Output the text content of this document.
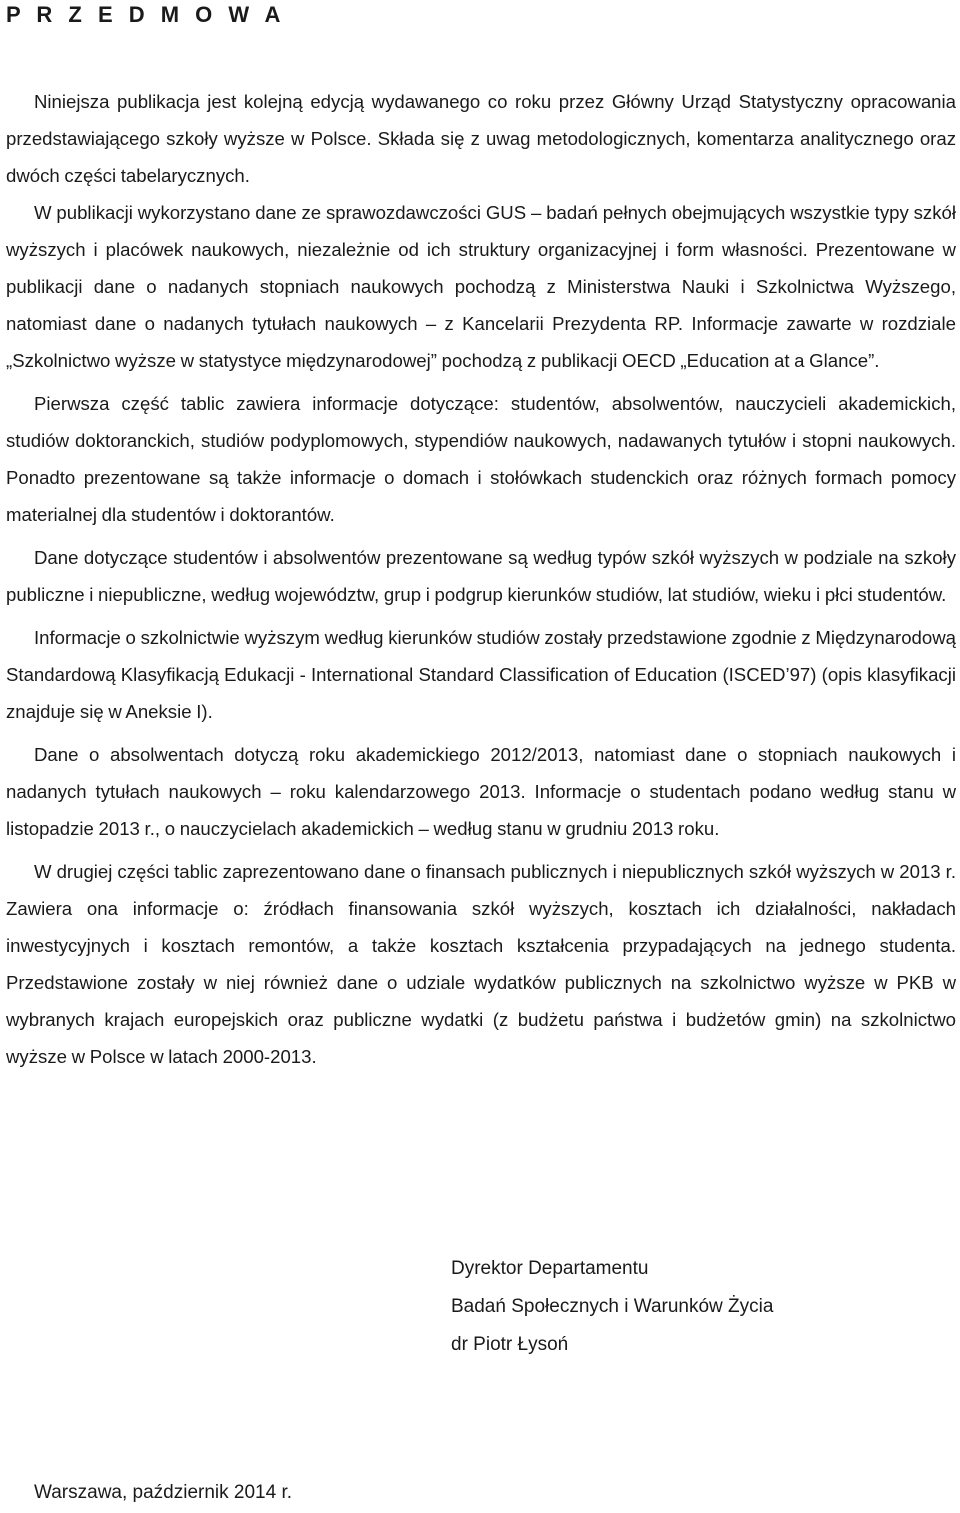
P R Z E D M O W A

Niniejsza publikacja jest kolejną edycją wydawanego co roku przez Główny Urząd Statystyczny opracowania przedstawiającego szkoły wyższe w Polsce. Składa się z uwag metodologicznych, komentarza analitycznego oraz dwóch części tabelarycznych.

W publikacji wykorzystano dane ze sprawozdawczości GUS – badań pełnych obejmujących wszystkie typy szkół wyższych i placówek naukowych, niezależnie od ich struktury organizacyjnej i form własności. Prezentowane w publikacji dane o nadanych stopniach naukowych pochodzą z Ministerstwa Nauki i Szkolnictwa Wyższego, natomiast dane o nadanych tytułach naukowych – z Kancelarii Prezydenta RP. Informacje zawarte w rozdziale „Szkolnictwo wyższe w statystyce międzynarodowej” pochodzą z publikacji OECD „Education at a Glance”.

Pierwsza część tablic zawiera informacje dotyczące: studentów, absolwentów, nauczycieli akademickich, studiów doktoranckich, studiów podyplomowych, stypendiów naukowych, nadawanych tytułów i stopni naukowych. Ponadto prezentowane są także informacje o domach i stołówkach studenckich oraz różnych formach pomocy materialnej dla studentów i doktorantów.

Dane dotyczące studentów i absolwentów prezentowane są według typów szkół wyższych w podziale na szkoły publiczne i niepubliczne, według województw, grup i podgrup kierunków studiów, lat studiów, wieku i płci studentów.

Informacje o szkolnictwie wyższym według kierunków studiów zostały przedstawione zgodnie z Międzynarodową Standardową Klasyfikacją Edukacji - International Standard Classification of Education (ISCED’97) (opis klasyfikacji znajduje się w Aneksie I).

Dane o absolwentach dotyczą roku akademickiego 2012/2013, natomiast dane o stopniach naukowych i nadanych tytułach naukowych – roku kalendarzowego 2013. Informacje o studentach podano według stanu w listopadzie 2013 r., o nauczycielach akademickich – według stanu w grudniu 2013 roku.

W drugiej części tablic zaprezentowano dane o finansach publicznych i niepublicznych szkół wyższych w 2013 r. Zawiera ona informacje o: źródłach finansowania szkół wyższych, kosztach ich działalności, nakładach inwestycyjnych i kosztach remontów, a także kosztach kształcenia przypadających na jednego studenta. Przedstawione zostały w niej również dane o udziale wydatków publicznych na szkolnictwo wyższe w PKB w wybranych krajach europejskich oraz publiczne wydatki (z budżetu państwa i budżetów gmin) na szkolnictwo wyższe w Polsce w latach 2000-2013.

Dyrektor Departamentu
Badań Społecznych i Warunków Życia
dr Piotr Łysoń
Warszawa, październik 2014 r.
